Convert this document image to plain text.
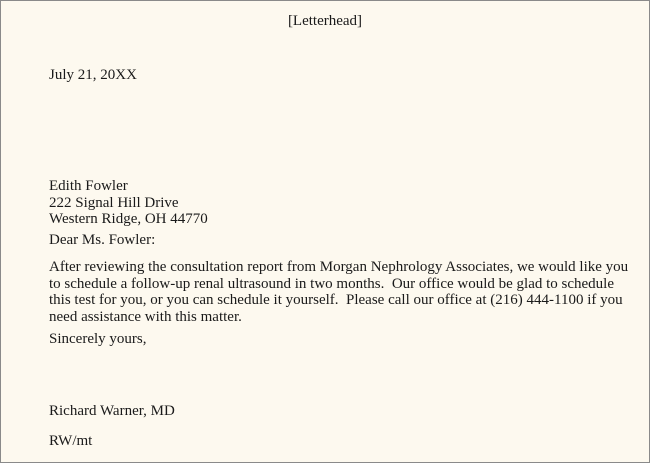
[Letterhead]
July 21, 20XX
Edith Fowler
222 Signal Hill Drive
Western Ridge, OH 44770
Dear Ms. Fowler:
After reviewing the consultation report from Morgan Nephrology Associates, we would like you
to schedule a follow-up renal ultrasound in two months.  Our office would be glad to schedule
this test for you, or you can schedule it yourself.  Please call our office at (216) 444-1100 if you
need assistance with this matter.
Sincerely yours,
Richard Warner, MD
RW/mt
